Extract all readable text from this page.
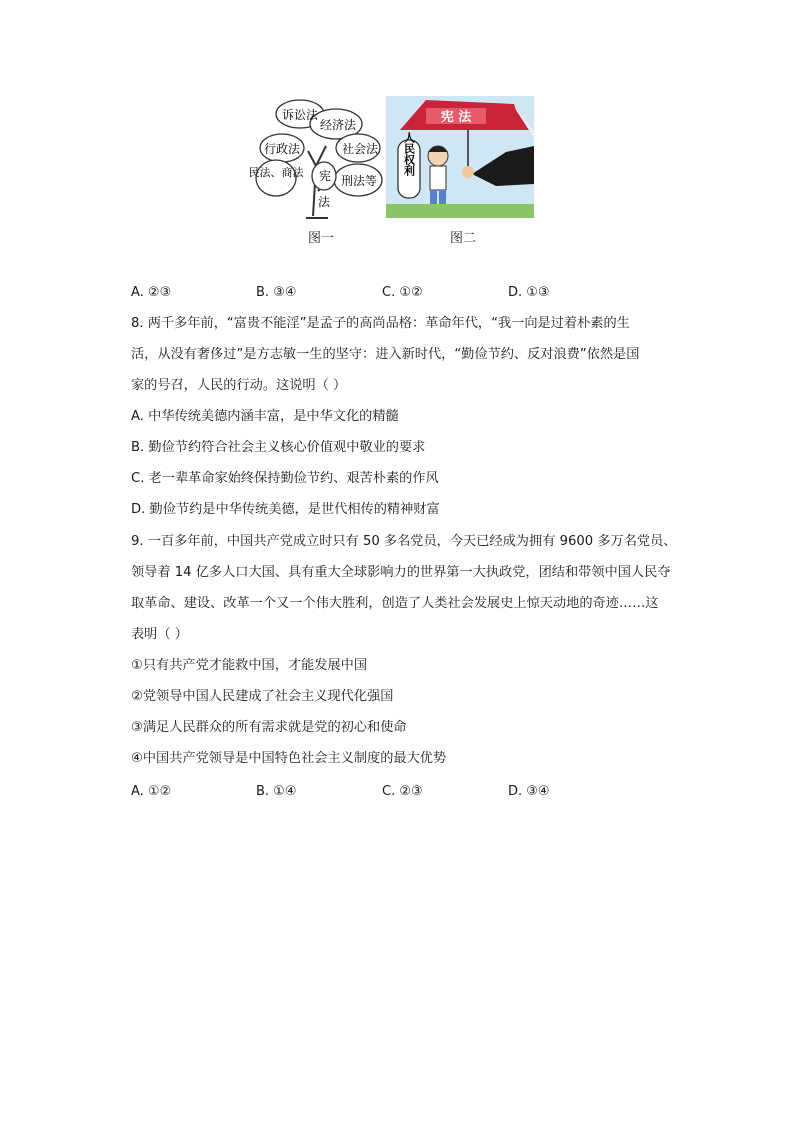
诉讼法
经济法
行政法	社会法
民法、商法 宪 刑法等
法
宪 法
人民权利
图一	图二
A. ②③	B. ③④	C. ①②	D. ①③
8. 两千多年前，“富贵不能淫”是孟子的高尚品格：革命年代，“我一向是过着朴素的生
活，从没有奢侈过”是方志敏一生的坚守：进入新时代，“勤俭节约、反对浪费”依然是国
家的号召，人民的行动。这说明（ ）
A. 中华传统美德内涵丰富，是中华文化的精髓
B. 勤俭节约符合社会主义核心价值观中敬业的要求
C. 老一辈革命家始终保持勤俭节约、艰苦朴素的作风
D. 勤俭节约是中华传统美德，是世代相传的精神财富
9. 一百多年前，中国共产党成立时只有 50 多名党员，今天已经成为拥有 9600 多万名党员、
领导着 14 亿多人口大国、具有重大全球影响力的世界第一大执政党，团结和带领中国人民夺
取革命、建设、改革一个又一个伟大胜利，创造了人类社会发展史上惊天动地的奇迹……这
表明（ ）
①只有共产党才能救中国，才能发展中国
②党领导中国人民建成了社会主义现代化强国
③满足人民群众的所有需求就是党的初心和使命
④中国共产党领导是中国特色社会主义制度的最大优势
A. ①②	B. ①④	C. ②③	D. ③④
